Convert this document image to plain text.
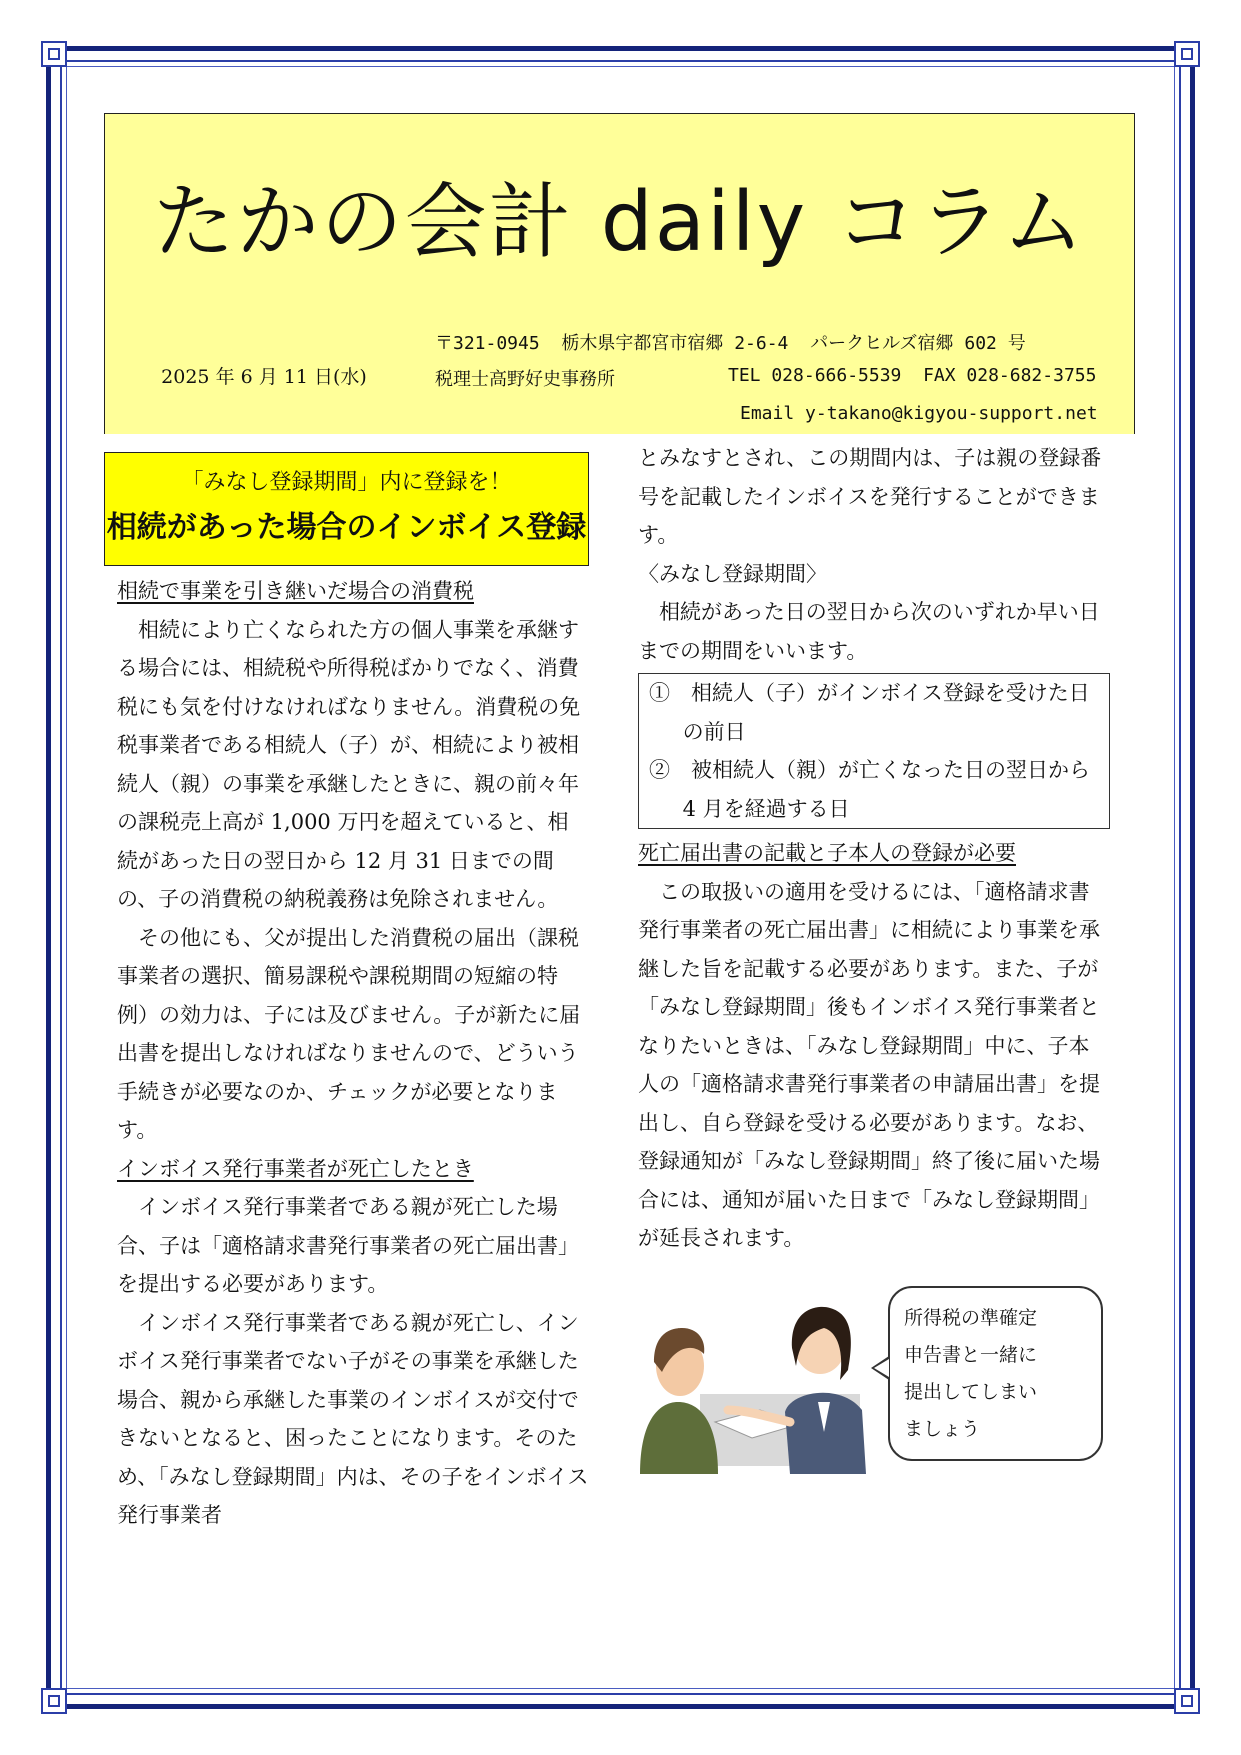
たかの会計 daily コラム
2025 年 6 月 11 日(水)
〒321-0945  栃木県宇都宮市宿郷 2-6-4  パークヒルズ宿郷 602 号
税理士高野好史事務所	TEL 028-666-5539  FAX 028-682-3755
Email y-takano@kigyou-support.net
「みなし登録期間」内に登録を！
相続があった場合のインボイス登録

相続で事業を引き継いだ場合の消費税

相続により亡くなられた方の個人事業を承継する場合には、相続税や所得税ばかりでなく、消費税にも気を付けなければなりません。消費税の免税事業者である相続人（子）が、相続により被相続人（親）の事業を承継したときに、親の前々年の課税売上高が 1,000 万円を超えていると、相続があった日の翌日から 12 月 31 日までの間の、子の消費税の納税義務は免除されません。

その他にも、父が提出した消費税の届出（課税事業者の選択、簡易課税や課税期間の短縮の特例）の効力は、子には及びません。子が新たに届出書を提出しなければなりませんので、どういう手続きが必要なのか、チェックが必要となります。

インボイス発行事業者が死亡したとき

インボイス発行事業者である親が死亡した場合、子は「適格請求書発行事業者の死亡届出書」を提出する必要があります。

インボイス発行事業者である親が死亡し、インボイス発行事業者でない子がその事業を承継した場合、親から承継した事業のインボイスが交付できないとなると、困ったことになります。そのため、「みなし登録期間」内は、その子をインボイス発行事業者

とみなすとされ、この期間内は、子は親の登録番号を記載したインボイスを発行することができます。

〈みなし登録期間〉

相続があった日の翌日から次のいずれか早い日までの期間をいいます。

①　相続人（子）がインボイス登録を受けた日の前日

②　被相続人（親）が亡くなった日の翌日から 4 月を経過する日

死亡届出書の記載と子本人の登録が必要

この取扱いの適用を受けるには、「適格請求書発行事業者の死亡届出書」に相続により事業を承継した旨を記載する必要があります。また、子が「みなし登録期間」後もインボイス発行事業者となりたいときは、「みなし登録期間」中に、子本人の「適格請求書発行事業者の申請届出書」を提出し、自ら登録を受ける必要があります。なお、登録通知が「みなし登録期間」終了後に届いた場合には、通知が届いた日まで「みなし登録期間」が延長されます。

所得税の準確定
申告書と一緒に
提出してしまい
ましょう
